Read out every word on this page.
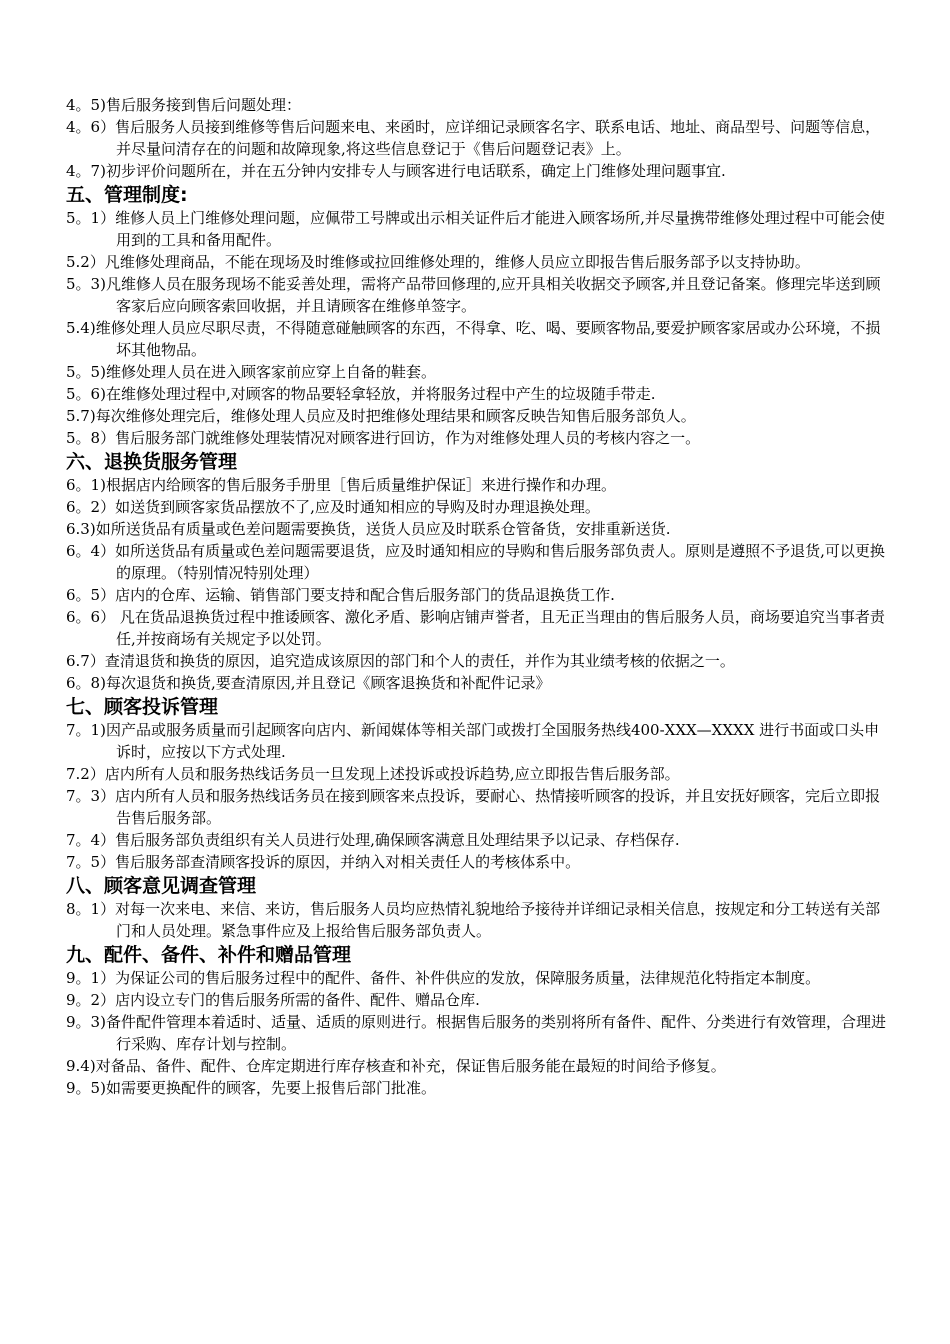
4。5)售后服务接到售后问题处理：

4。6）售后服务人员接到维修等售后问题来电、来函时，应详细记录顾客名字、联系电话、地址、商品型号、问题等信息，并尽量问清存在的问题和故障现象,将这些信息登记于《售后问题登记表》上。

4。7)初步评价问题所在，并在五分钟内安排专人与顾客进行电话联系，确定上门维修处理问题事宜.

五、管理制度:

5。1）维修人员上门维修处理问题，应佩带工号牌或出示相关证件后才能进入顾客场所,并尽量携带维修处理过程中可能会使用到的工具和备用配件。

5.2）凡维修处理商品，不能在现场及时维修或拉回维修处理的，维修人员应立即报告售后服务部予以支持协助。

5。3)凡维修人员在服务现场不能妥善处理，需将产品带回修理的,应开具相关收据交予顾客,并且登记备案。修理完毕送到顾客家后应向顾客索回收据，并且请顾客在维修单签字。

5.4)维修处理人员应尽职尽责，不得随意碰触顾客的东西，不得拿、吃、喝、要顾客物品,要爱护顾客家居或办公环境，不损坏其他物品。

5。5)维修处理人员在进入顾客家前应穿上自备的鞋套。

5。6)在维修处理过程中,对顾客的物品要轻拿轻放，并将服务过程中产生的垃圾随手带走.

5.7)每次维修处理完后，维修处理人员应及时把维修处理结果和顾客反映告知售后服务部负人。

5。8）售后服务部门就维修处理装情况对顾客进行回访，作为对维修处理人员的考核内容之一。

六、退换货服务管理

6。1)根据店内给顾客的售后服务手册里［售后质量维护保证］来进行操作和办理。

6。2）如送货到顾客家货品摆放不了,应及时通知相应的导购及时办理退换处理。

6.3)如所送货品有质量或色差问题需要换货，送货人员应及时联系仓管备货，安排重新送货.

6。4）如所送货品有质量或色差问题需要退货，应及时通知相应的导购和售后服务部负责人。原则是遵照不予退货,可以更换的原理。（特别情况特别处理）

6。5）店内的仓库、运输、销售部门要支持和配合售后服务部门的货品退换货工作.

6。6） 凡在货品退换货过程中推诿顾客、激化矛盾、影响店铺声誉者，且无正当理由的售后服务人员，商场要追究当事者责任,并按商场有关规定予以处罚。

6.7）查清退货和换货的原因，追究造成该原因的部门和个人的责任，并作为其业绩考核的依据之一。

6。8)每次退货和换货,要查清原因,并且登记《顾客退换货和补配件记录》

七、顾客投诉管理

7。1)因产品或服务质量而引起顾客向店内、新闻媒体等相关部门或拨打全国服务热线400-XXX—XXXX 进行书面或口头申诉时，应按以下方式处理.

7.2）店内所有人员和服务热线话务员一旦发现上述投诉或投诉趋势,应立即报告售后服务部。

7。3）店内所有人员和服务热线话务员在接到顾客来点投诉，要耐心、热情接听顾客的投诉，并且安抚好顾客，完后立即报告售后服务部。

7。4）售后服务部负责组织有关人员进行处理,确保顾客满意且处理结果予以记录、存档保存.

7。5）售后服务部查清顾客投诉的原因，并纳入对相关责任人的考核体系中。

八、顾客意见调查管理

8。1）对每一次来电、来信、来访，售后服务人员均应热情礼貌地给予接待并详细记录相关信息，按规定和分工转送有关部门和人员处理。紧急事件应及上报给售后服务部负责人。

九、配件、备件、补件和赠品管理

9。1）为保证公司的售后服务过程中的配件、备件、补件供应的发放，保障服务质量，法律规范化特指定本制度。

9。2）店内设立专门的售后服务所需的备件、配件、赠品仓库.

9。3)备件配件管理本着适时、适量、适质的原则进行。根据售后服务的类别将所有备件、配件、分类进行有效管理，合理进行采购、库存计划与控制。

9.4)对备品、备件、配件、仓库定期进行库存核查和补充，保证售后服务能在最短的时间给予修复。

9。5)如需要更换配件的顾客，先要上报售后部门批准。
